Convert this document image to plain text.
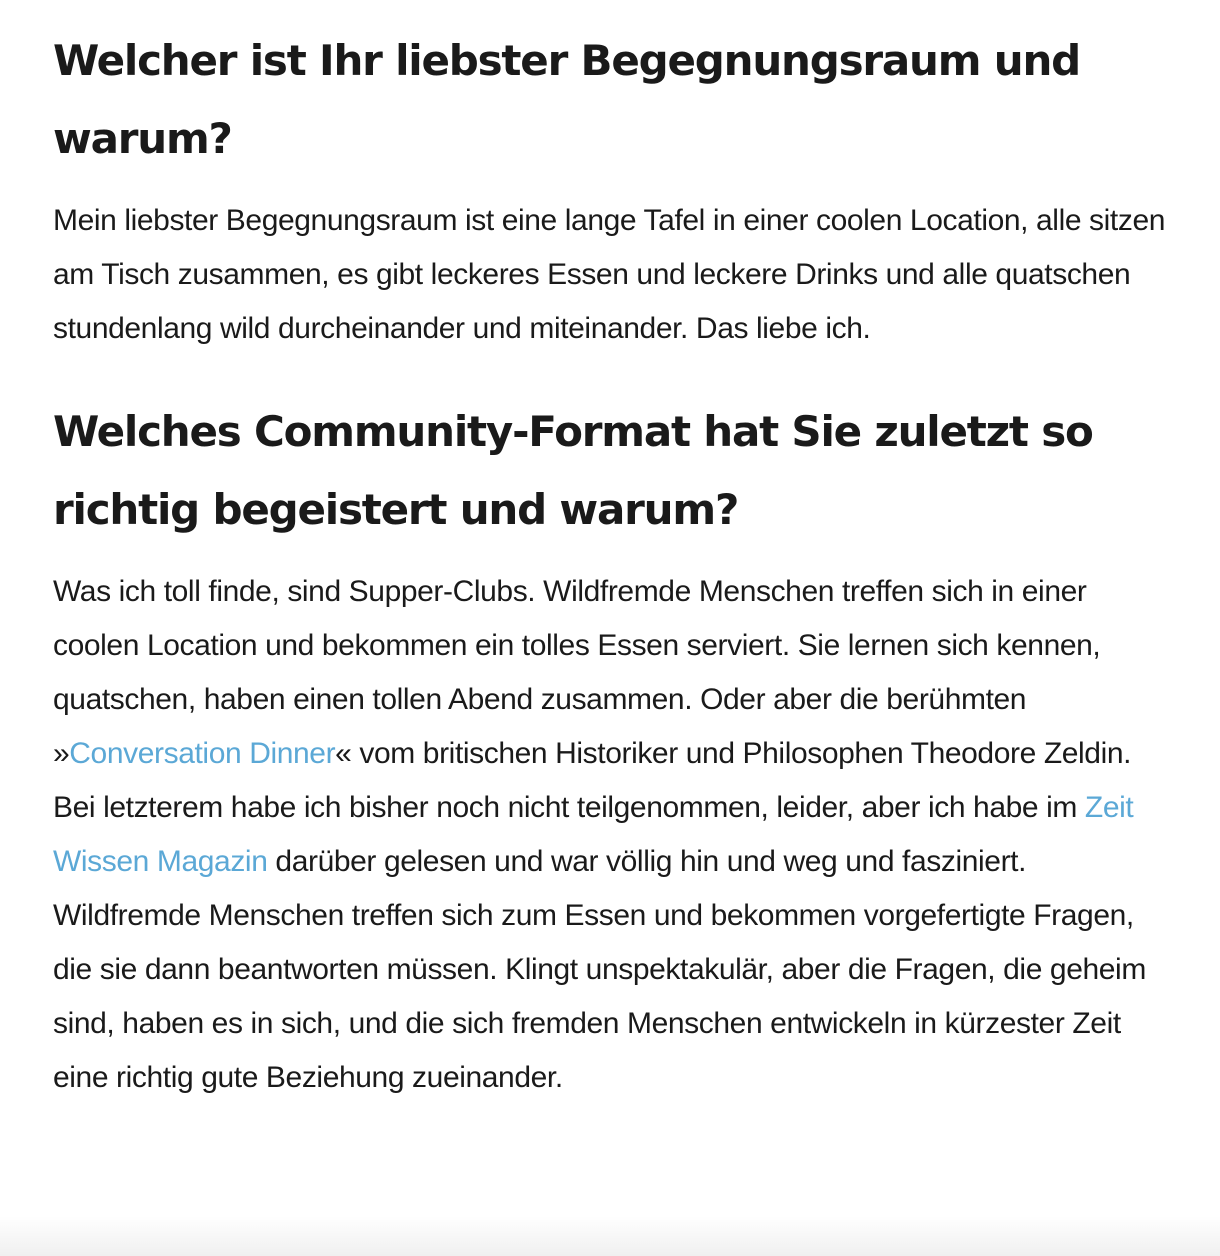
Welcher ist Ihr liebster Begegnungsraum und warum?

Mein liebster Begegnungsraum ist eine lange Tafel in einer coolen Location, alle sitzen am Tisch zusammen, es gibt leckeres Essen und leckere Drinks und alle quatschen stundenlang wild durcheinander und miteinander. Das liebe ich.

Welches Community-Format hat Sie zuletzt so richtig begeistert und warum?

Was ich toll finde, sind Supper-Clubs. Wildfremde Menschen treffen sich in einer coolen Location und bekommen ein tolles Essen serviert. Sie lernen sich kennen, quatschen, haben einen tollen Abend zusammen. Oder aber die berühmten »Conversation Dinner« vom britischen Historiker und Philosophen Theodore Zeldin. Bei letzterem habe ich bisher noch nicht teilgenommen, leider, aber ich habe im Zeit Wissen Magazin darüber gelesen und war völlig hin und weg und fasziniert. Wildfremde Menschen treffen sich zum Essen und bekommen vorgefertigte Fragen, die sie dann beantworten müssen. Klingt unspektakulär, aber die Fragen, die geheim sind, haben es in sich, und die sich fremden Menschen entwickeln in kürzester Zeit eine richtig gute Beziehung zueinander.
